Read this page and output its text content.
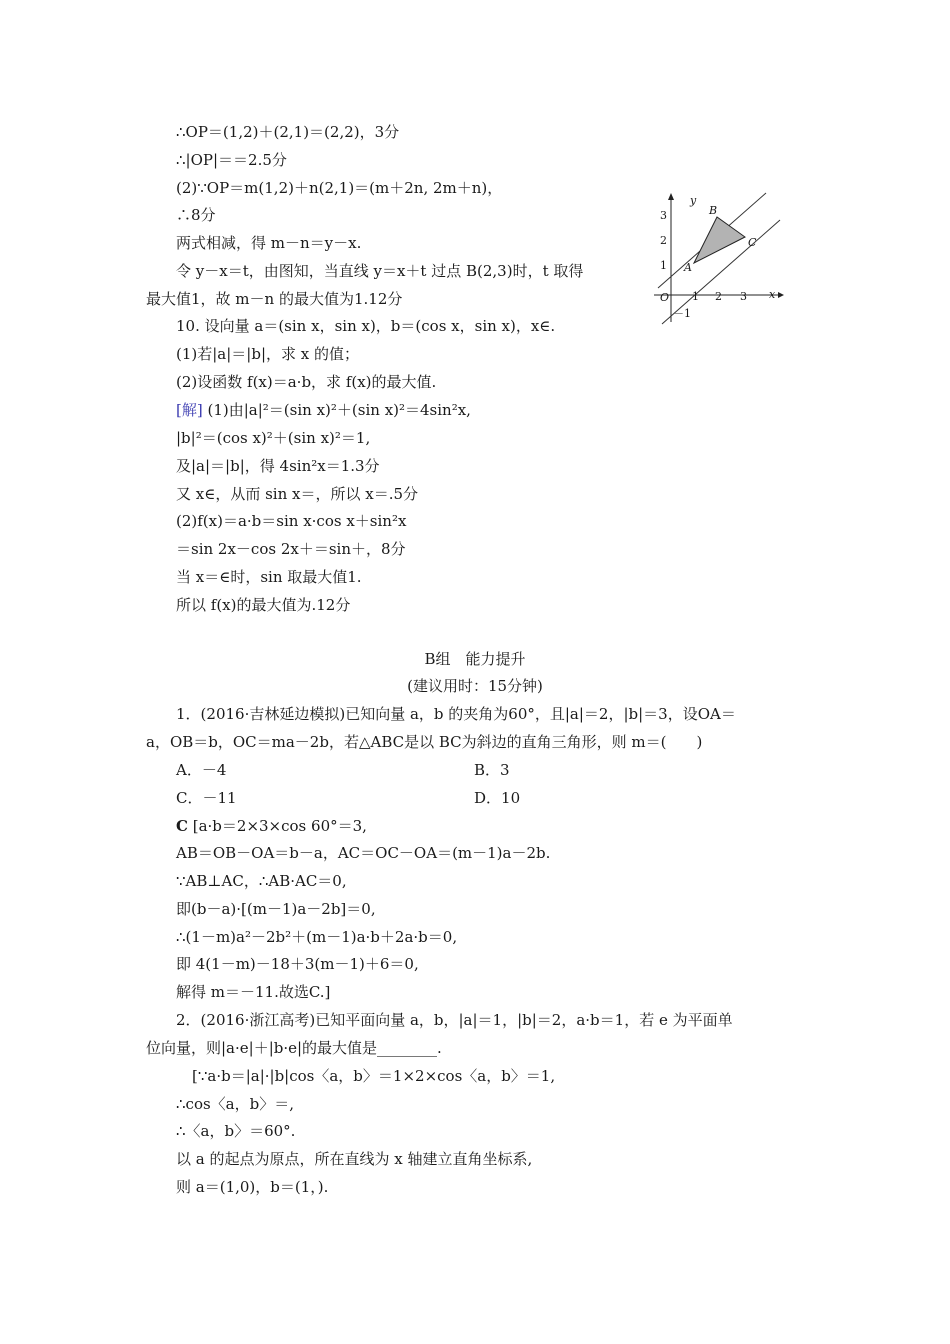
∴OP＝(1,2)＋(2,1)＝(2,2)，3分
∴|OP|＝＝2.5分
(2)∵OP＝m(1,2)＋n(2,1)＝(m＋2n, 2m＋n)，
∴8分
两式相减，得 m－n＝y－x.
令 y－x＝t，由图知，当直线 y＝x＋t 过点 B(2,3)时，t 取得
最大值1，故 m－n 的最大值为1.12分
10. 设向量 a＝(sin x，sin x)，b＝(cos x，sin x)，x∈.
(1)若|a|＝|b|，求 x 的值；
(2)设函数 f(x)＝a·b，求 f(x)的最大值.
[解] (1)由|a|²＝(sin x)²＋(sin x)²＝4sin²x,
|b|²＝(cos x)²＋(sin x)²＝1,
及|a|＝|b|，得 4sin²x＝1.3分
又 x∈，从而 sin x＝，所以 x＝.5分
(2)f(x)＝a·b＝sin x·cos x＋sin²x
＝sin 2x－cos 2x＋＝sin＋，8分
当 x＝∈时，sin 取最大值1.
所以 f(x)的最大值为.12分
B组　能力提升
(建议用时：15分钟)
1．(2016·吉林延边模拟)已知向量 a，b 的夹角为60°，且|a|＝2，|b|＝3，设OA＝
a，OB＝b，OC＝ma－2b，若△ABC是以 BC为斜边的直角三角形，则 m＝(　　)
A．－4	B．3
C．－11	D．10
C [a·b＝2×3×cos 60°＝3,
AB＝OB－OA＝b－a，AC＝OC－OA＝(m－1)a－2b.
∵AB⊥AC，∴AB·AC＝0,
即(b－a)·[(m－1)a－2b]＝0,
∴(1－m)a²－2b²＋(m－1)a·b＋2a·b＝0,
即 4(1－m)－18＋3(m－1)＋6＝0,
解得 m＝－11.故选C.]
2．(2016·浙江高考)已知平面向量 a，b，|a|＝1，|b|＝2，a·b＝1，若 e 为平面单
位向量，则|a·e|＋|b·e|的最大值是________.
[∵a·b＝|a|·|b|cos〈a，b〉＝1×2×cos〈a，b〉＝1,
∴cos〈a，b〉＝,
∴〈a，b〉＝60°.
以 a 的起点为原点，所在直线为 x 轴建立直角坐标系,
则 a＝(1,0)，b＝(1，).
y
x
O 1 2 3
1
2
3
－1
A
B
C
